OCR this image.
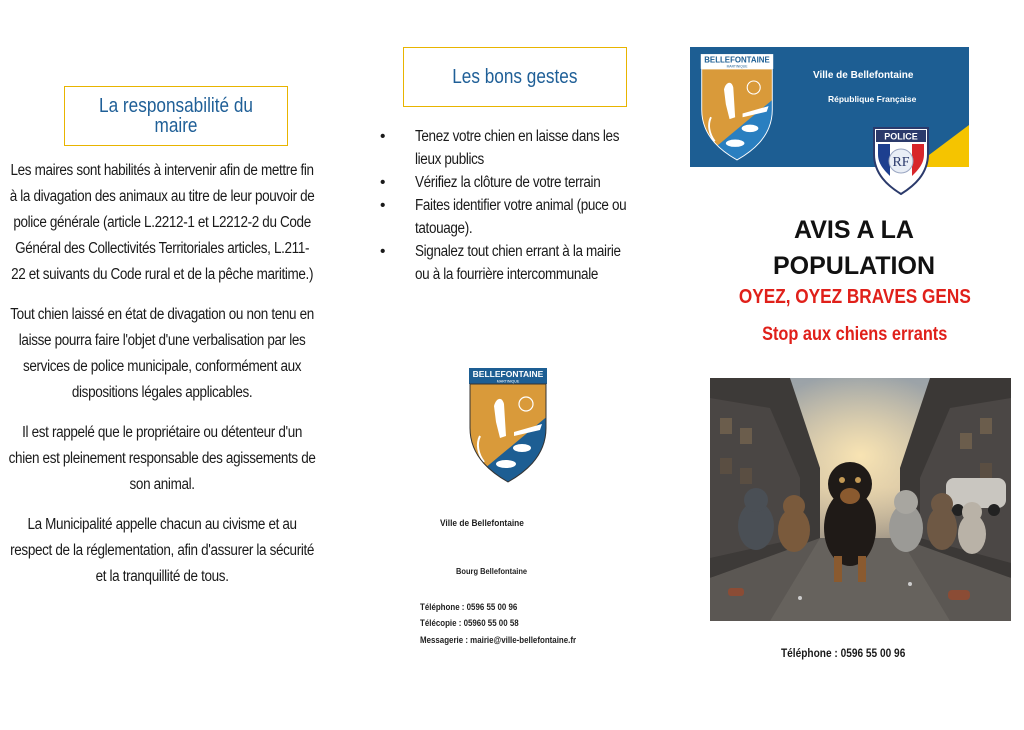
La responsabilité du maire

Les maires sont habilités à intervenir afin de mettre fin à la divagation des animaux au titre de leur pouvoir de police générale (article L.2212-1 et L2212-2 du Code Général des Collectivités Territoriales articles, L.211-22 et suivants du Code rural et de la pêche maritime.)

Tout chien laissé en état de divagation ou non tenu en laisse pourra faire l'objet d'une verbalisation par les services de police municipale, conformément aux dispositions légales applicables.

Il est rappelé que le propriétaire ou détenteur d'un chien est pleinement responsable des agissements de son animal.

La Municipalité appelle chacun au civisme et au respect de la réglementation, afin d'assurer la sécurité et la tranquillité de tous.

Les bons gestes
• Tenez votre chien en laisse dans les lieux publics
• Vérifiez la clôture de votre terrain
• Faites identifier votre animal (puce ou tatouage).
• Signalez tout chien errant à la mairie ou à la fourrière intercommunale
BELLEFONTAINE
MARTINIQUE
Ville de Bellefontaine
Bourg Bellefontaine
Téléphone : 0596 55 00 96
Télécopie : 05960 55 00 58
Messagerie : mairie@ville-bellefontaine.fr
BELLEFONTAINE
MARTINIQUE
Ville de Bellefontaine
République Française
POLICE
RF
AVIS A LA
POPULATION
OYEZ, OYEZ BRAVES GENS
Stop aux chiens errants
Téléphone : 0596 55 00 96
